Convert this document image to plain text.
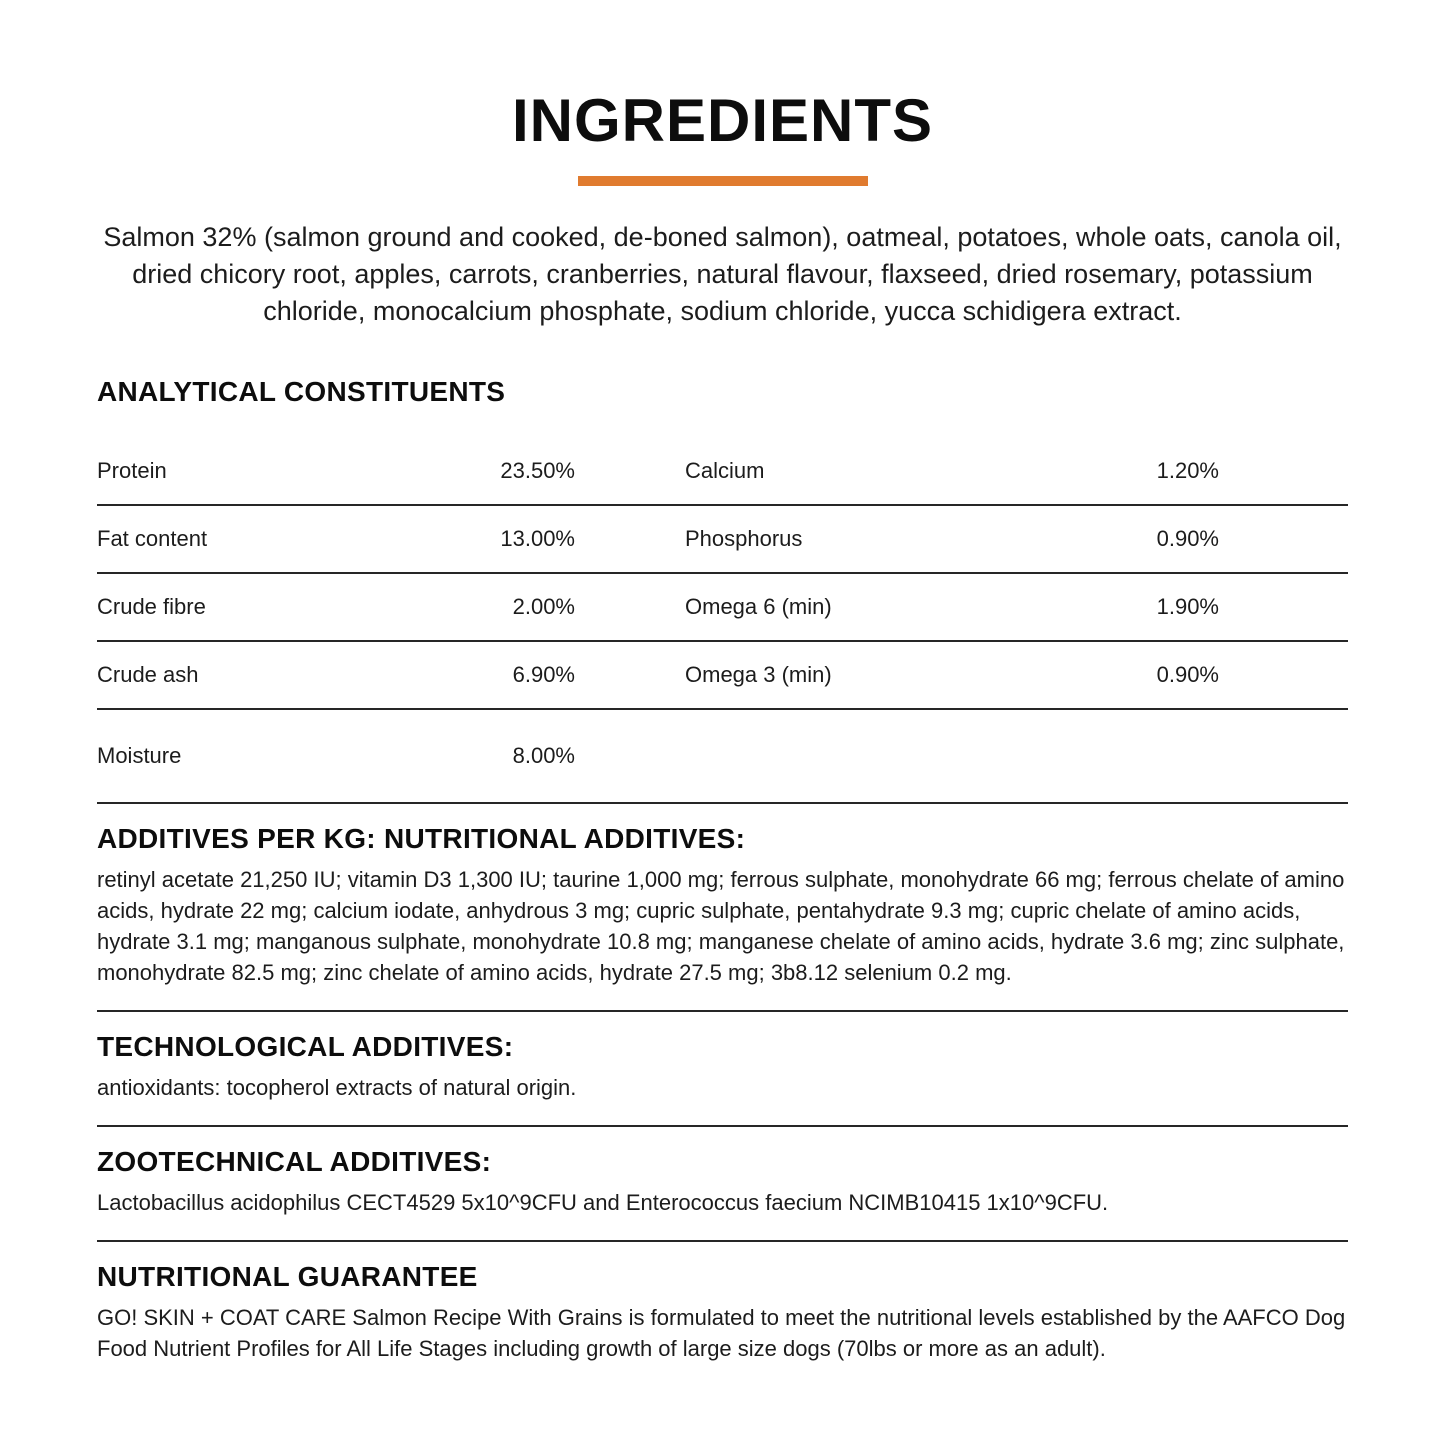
INGREDIENTS

Salmon 32% (salmon ground and cooked, de-boned salmon), oatmeal, potatoes, whole oats, canola oil, dried chicory root, apples, carrots, cranberries, natural flavour, flaxseed, dried rosemary, potassium chloride, monocalcium phosphate, sodium chloride, yucca schidigera extract.

ANALYTICAL CONSTITUENTS
Protein	23.50%	Calcium	1.20%
Fat content	13.00%	Phosphorus	0.90%
Crude fibre	2.00%	Omega 6 (min)	1.90%
Crude ash	6.90%	Omega 3 (min)	0.90%
Moisture	8.00%
ADDITIVES PER KG: NUTRITIONAL ADDITIVES:

retinyl acetate 21,250 IU; vitamin D3 1,300 IU; taurine 1,000 mg; ferrous sulphate, monohydrate 66 mg; ferrous chelate of amino acids, hydrate 22 mg; calcium iodate, anhydrous 3 mg; cupric sulphate, pentahydrate 9.3 mg; cupric chelate of amino acids, hydrate 3.1 mg; manganous sulphate, monohydrate 10.8 mg; manganese chelate of amino acids, hydrate 3.6 mg; zinc sulphate, monohydrate 82.5 mg; zinc chelate of amino acids, hydrate 27.5 mg; 3b8.12 selenium 0.2 mg.

TECHNOLOGICAL ADDITIVES:

antioxidants: tocopherol extracts of natural origin.

ZOOTECHNICAL ADDITIVES:

Lactobacillus acidophilus CECT4529 5x10^9CFU and Enterococcus faecium NCIMB10415 1x10^9CFU.

NUTRITIONAL GUARANTEE

GO! SKIN + COAT CARE Salmon Recipe With Grains is formulated to meet the nutritional levels established by the AAFCO Dog Food Nutrient Profiles for All Life Stages including growth of large size dogs (70lbs or more as an adult).
